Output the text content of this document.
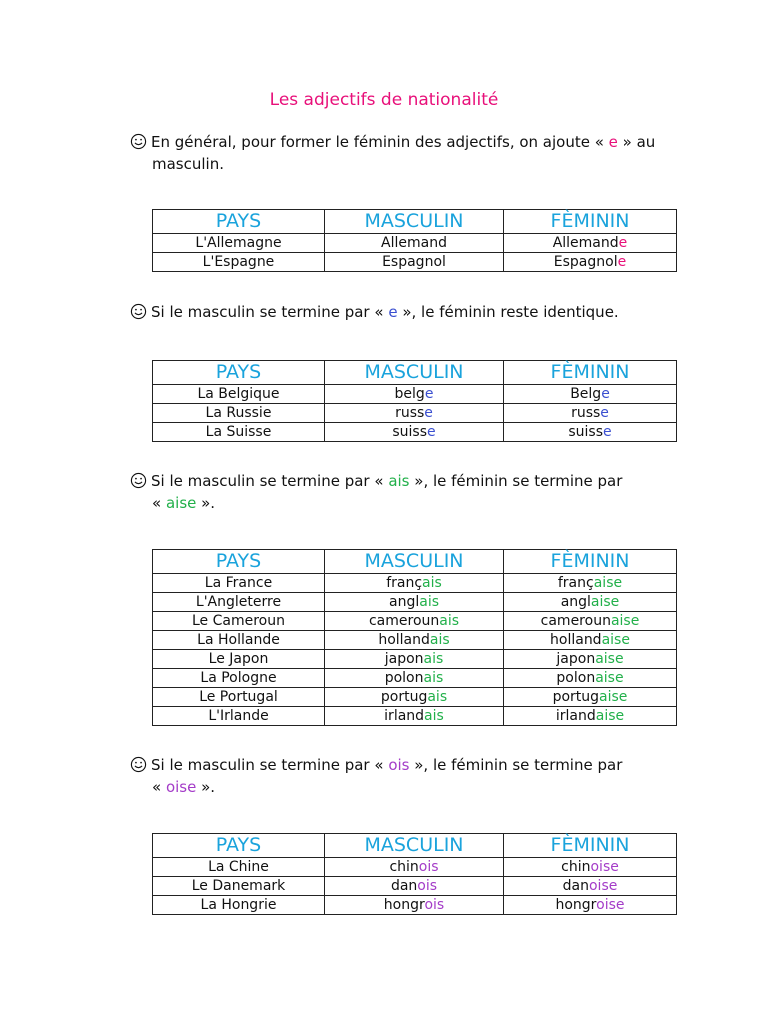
Les adjectifs de nationalité
En général, pour former le féminin des adjectifs, on ajoute « e » au
masculin.
PAYS	MASCULIN	FÈMININ
L'Allemagne	Allemand	Allemande
L'Espagne	Espagnol	Espagnole
Si le masculin se termine par « e », le féminin reste identique.
PAYS	MASCULIN	FÈMININ
La Belgique	belge	Belge
La Russie	russe	russe
La Suisse	suisse	suisse
Si le masculin se termine par « ais », le féminin se termine par
« aise ».
PAYS	MASCULIN	FÈMININ
La France	français	française
L'Angleterre	anglais	anglaise
Le Cameroun	camerounais	camerounaise
La Hollande	hollandais	hollandaise
Le Japon	japonais	japonaise
La Pologne	polonais	polonaise
Le Portugal	portugais	portugaise
L'Irlande	irlandais	irlandaise
Si le masculin se termine par « ois », le féminin se termine par
« oise ».
PAYS	MASCULIN	FÈMININ
La Chine	chinois	chinoise
Le Danemark	danois	danoise
La Hongrie	hongrois	hongroise
